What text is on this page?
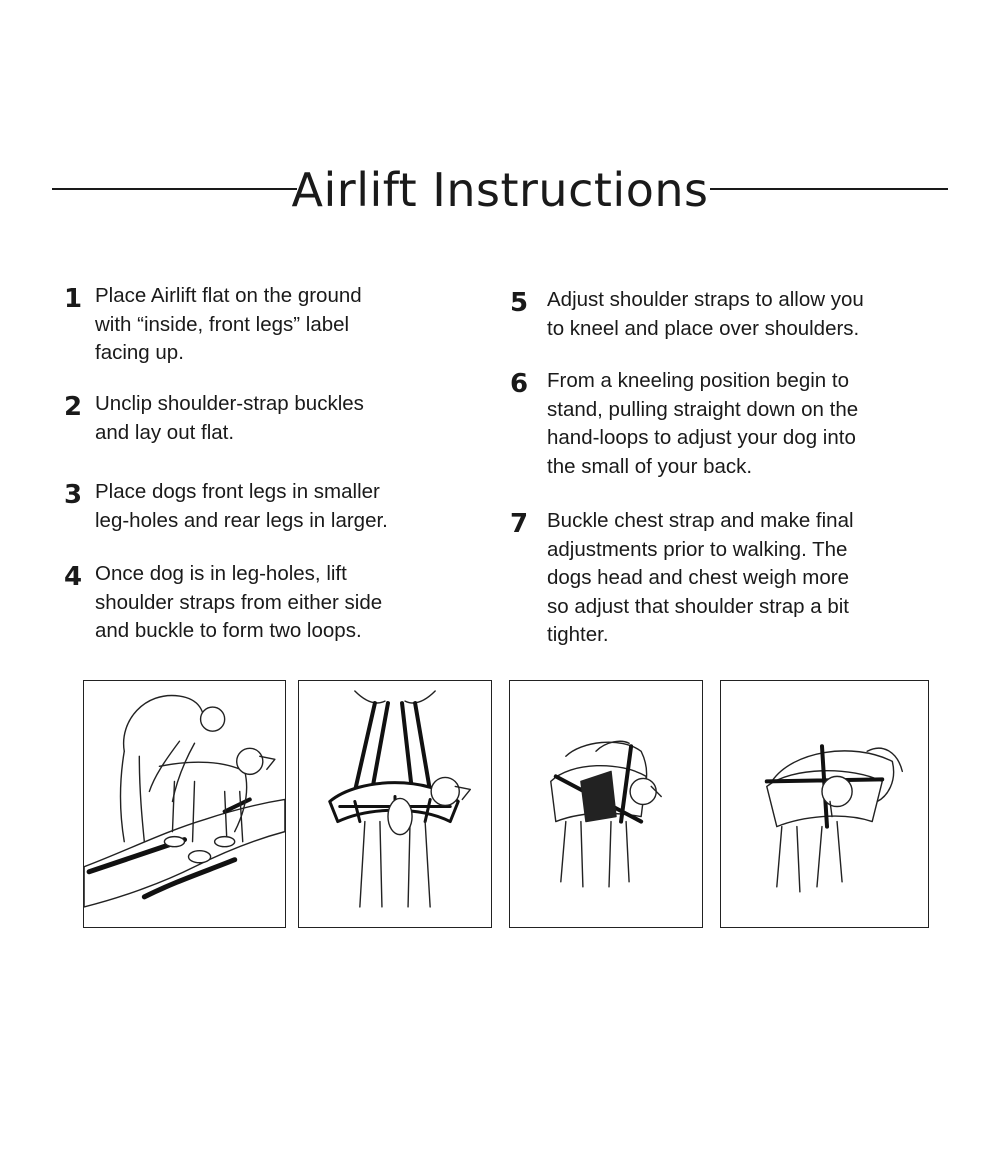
Airlift Instructions
1 Place Airlift flat on the ground
with “inside, front legs” label
facing up.
2 Unclip shoulder-strap buckles
and lay out flat.
3 Place dogs front legs in smaller
leg-holes and rear legs in larger.
4 Once dog is in leg-holes, lift
shoulder straps from either side
and buckle to form two loops.
5 Adjust shoulder straps to allow you
to kneel and place over shoulders.
6 From a kneeling position begin to
stand, pulling straight down on the
hand-loops to adjust your dog into
the small of your back.
7 Buckle chest strap and make final
adjustments prior to walking. The
dogs head and chest weigh more
so adjust that shoulder strap a bit
tighter.
